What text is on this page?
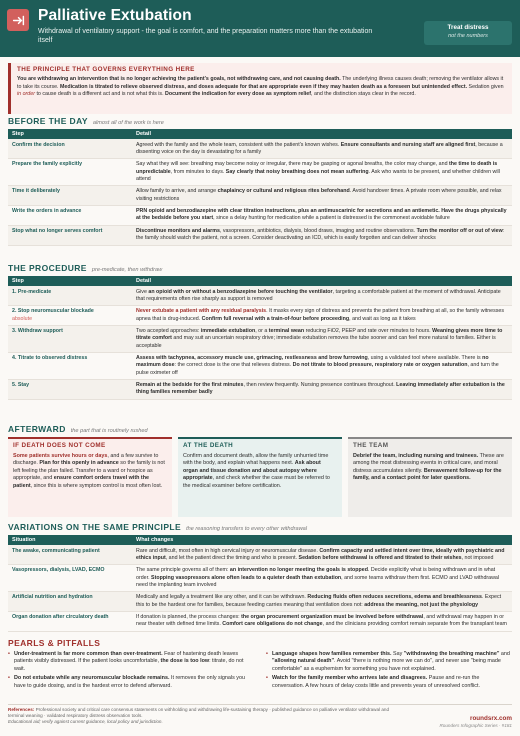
Palliative Extubation
Withdrawal of ventilatory support - the goal is comfort, and the preparation matters more than the extubation itself
Treat distress
not the numbers
THE PRINCIPLE THAT GOVERNS EVERYTHING HERE

You are withdrawing an intervention that is no longer achieving the patient's goals, not withdrawing care, and not causing death. The underlying illness causes death; removing the ventilator allows it to take its course. Medication is titrated to relieve observed distress, and doses adequate for that are appropriate even if they may hasten death as a foreseen but unintended effect. Sedation given in order to cause death is a different act and is not what this is. Document the indication for every dose as symptom relief, and the distinction stays clear in the record.

BEFORE THE DAY almost all of the work is here
Step	Detail
Confirm the decision	Agreed with the family and the whole team, consistent with the patient's known wishes. Ensure consultants and nursing staff are aligned first, because a dissenting voice on the day is devastating for a family
Prepare the family explicitly	Say what they will see: breathing may become noisy or irregular, there may be gasping or agonal breaths, the color may change, and the time to death is unpredictable, from minutes to days. Say clearly that noisy breathing does not mean suffering. Ask who wants to be present, and whether children will attend
Time it deliberately	Allow family to arrive, and arrange chaplaincy or cultural and religious rites beforehand. Avoid handover times. A private room where possible, and relax visiting restrictions
Write the orders in advance	PRN opioid and benzodiazepine with clear titration instructions, plus an antimuscarinic for secretions and an antiemetic. Have the drugs physically at the bedside before you start, since a delay hunting for medication while a patient is distressed is the commonest avoidable failure
Stop what no longer serves comfort	Discontinue monitors and alarms, vasopressors, antibiotics, dialysis, blood draws, imaging and routine observations. Turn the monitor off or out of view: the family should watch the patient, not a screen. Consider deactivating an ICD, which is easily forgotten and can deliver shocks
THE PROCEDURE pre-medicate, then withdraw
Step	Detail
1. Pre-medicate	Give an opioid with or without a benzodiazepine before touching the ventilator, targeting a comfortable patient at the moment of withdrawal. Anticipate that requirements often rise sharply as support is removed
2. Stop neuromuscular blockade
absolute	Never extubate a patient with any residual paralysis. It masks every sign of distress and prevents the patient from breathing at all, so the family witnesses apnea that is drug-induced. Confirm full reversal with a train-of-four before proceeding, and wait as long as it takes
3. Withdraw support	Two accepted approaches: immediate extubation, or a terminal wean reducing FiO2, PEEP and rate over minutes to hours. Weaning gives more time to titrate comfort and may suit an uncertain respiratory drive; immediate extubation removes the tube sooner and can feel more natural to families. Either is acceptable
4. Titrate to observed distress	Assess with tachypnea, accessory muscle use, grimacing, restlessness and brow furrowing, using a validated tool where available. There is no maximum dose: the correct dose is the one that relieves distress. Do not titrate to blood pressure, respiratory rate or oxygen saturation, and turn the pulse oximeter off
5. Stay	Remain at the bedside for the first minutes, then review frequently. Nursing presence continues throughout. Leaving immediately after extubation is the thing families remember badly
AFTERWARD the part that is routinely rushed
IF DEATH DOES NOT COME

Some patients survive hours or days, and a few survive to discharge. Plan for this openly in advance so the family is not left feeling the plan failed. Transfer to a ward or hospice as appropriate, and ensure comfort orders travel with the patient, since this is where symptom control is most often lost.

AT THE DEATH

Confirm and document death, allow the family unhurried time with the body, and explain what happens next. Ask about organ and tissue donation and about autopsy where appropriate, and check whether the case must be referred to the medical examiner before certification.

THE TEAM

Debrief the team, including nursing and trainees. These are among the most distressing events in critical care, and moral distress accumulates silently. Bereavement follow-up for the family, and a contact point for later questions.

VARIATIONS ON THE SAME PRINCIPLE the reasoning transfers to every other withdrawal
Situation	What changes
The awake, communicating patient	Rare and difficult, most often in high cervical injury or neuromuscular disease. Confirm capacity and settled intent over time, ideally with psychiatric and ethics input, and let the patient direct the timing and who is present. Sedation before withdrawal is offered and titrated to their wishes, not imposed
Vasopressors, dialysis, LVAD, ECMO	The same principle governs all of them: an intervention no longer meeting the goals is stopped. Decide explicitly what is being withdrawn and in what order. Stopping vasopressors alone often leads to a quieter death than extubation, and some teams withdraw them first. ECMO and LVAD withdrawal need the implanting team involved
Artificial nutrition and hydration	Medically and legally a treatment like any other, and it can be withdrawn. Reducing fluids often reduces secretions, edema and breathlessness. Expect this to be the hardest one for families, because feeding carries meaning that ventilation does not: address the meaning, not just the physiology
Organ donation after circulatory death	If donation is planned, the process changes: the organ procurement organization must be involved before withdrawal, and withdrawal may happen in or near theater with defined time limits. Comfort care obligations do not change, and the clinicians providing comfort remain separate from the transplant team
PEARLS & PITFALLS
• Under-treatment is far more common than over-treatment. Fear of hastening death leaves patients visibly distressed. If the patient looks uncomfortable, the dose is too low: titrate, do not wait.
• Do not extubate while any neuromuscular blockade remains. It removes the only signals you have to guide dosing, and is the hardest error to defend afterward.
• Language shapes how families remember this. Say "withdrawing the breathing machine" and "allowing natural death". Avoid "there is nothing more we can do", and never use "being made comfortable" as a euphemism for something you have not explained.
• Watch for the family member who arrives late and disagrees. Pause and re-run the conversation. A few hours of delay costs little and prevents years of unresolved conflict.
References: Professional society and critical care consensus statements on withholding and withdrawing life-sustaining therapy · published guidance on palliative ventilator withdrawal and terminal weaning · validated respiratory distress observation tools.
Educational aid; verify against current guidance, local policy and jurisdiction.	roundsrx.com
Rounders Infographic Series · #181
